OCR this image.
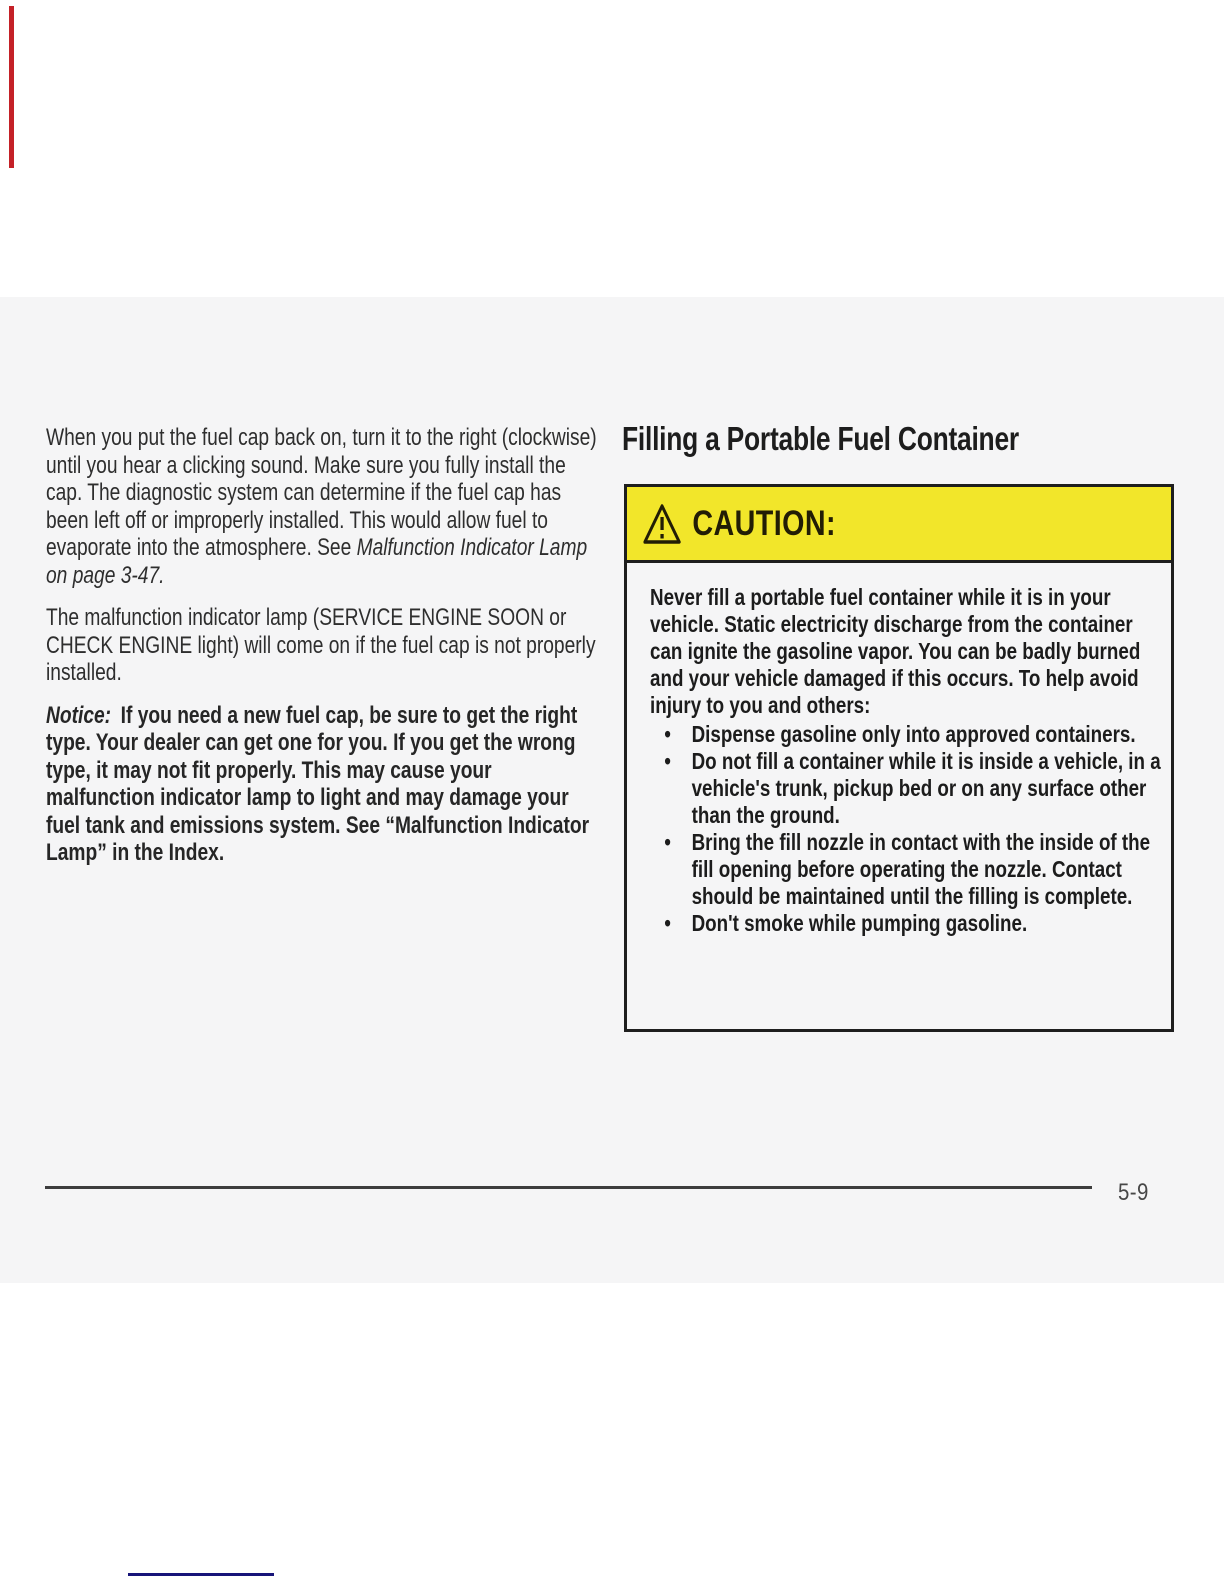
When you put the fuel cap back on, turn it to the right (clockwise) until you hear a clicking sound. Make sure you fully install the cap. The diagnostic system can determine if the fuel cap has been left off or improperly installed. This would allow fuel to evaporate into the atmosphere. See Malfunction Indicator Lamp on page 3-47.

The malfunction indicator lamp (SERVICE ENGINE SOON or CHECK ENGINE light) will come on if the fuel cap is not properly installed.

Notice: If you need a new fuel cap, be sure to get the right type. Your dealer can get one for you. If you get the wrong type, it may not fit properly. This may cause your malfunction indicator lamp to light and may damage your fuel tank and emissions system. See “Malfunction Indicator Lamp” in the Index.

Filling a Portable Fuel Container
CAUTION:

Never fill a portable fuel container while it is in your vehicle. Static electricity discharge from the container can ignite the gasoline vapor. You can be badly burned and your vehicle damaged if this occurs. To help avoid injury to you and others:

• Dispense gasoline only into approved containers.
• Do not fill a container while it is inside a vehicle, in a vehicle's trunk, pickup bed or on any surface other than the ground.
• Bring the fill nozzle in contact with the inside of the fill opening before operating the nozzle. Contact should be maintained until the filling is complete.
• Don't smoke while pumping gasoline.
5-9
